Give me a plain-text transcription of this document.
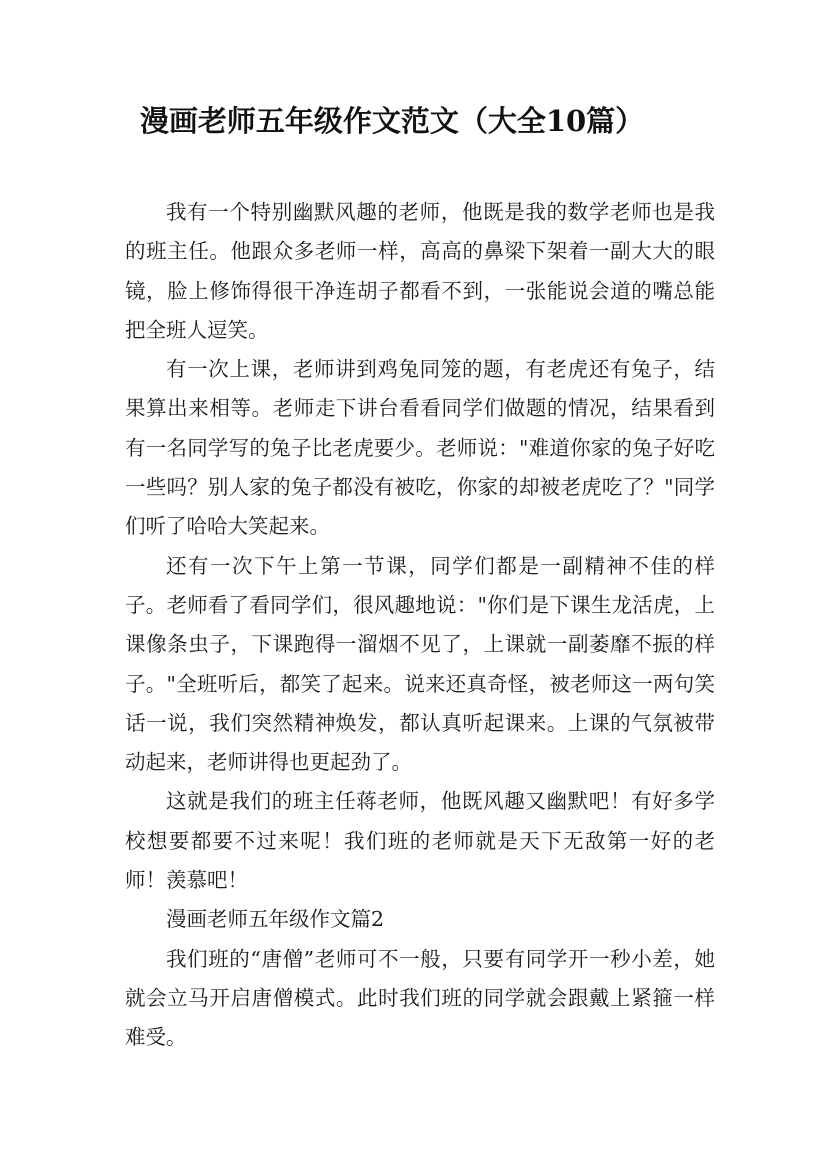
漫画老师五年级作文范文（大全10篇）

我有一个特别幽默风趣的老师，他既是我的数学老师也是我的班主任。他跟众多老师一样，高高的鼻梁下架着一副大大的眼镜，脸上修饰得很干净连胡子都看不到，一张能说会道的嘴总能把全班人逗笑。

有一次上课，老师讲到鸡兔同笼的题，有老虎还有兔子，结果算出来相等。老师走下讲台看看同学们做题的情况，结果看到有一名同学写的兔子比老虎要少。老师说："难道你家的兔子好吃一些吗？别人家的兔子都没有被吃，你家的却被老虎吃了？"同学们听了哈哈大笑起来。

还有一次下午上第一节课，同学们都是一副精神不佳的样子。老师看了看同学们，很风趣地说："你们是下课生龙活虎，上课像条虫子，下课跑得一溜烟不见了，上课就一副萎靡不振的样子。"全班听后，都笑了起来。说来还真奇怪，被老师这一两句笑话一说，我们突然精神焕发，都认真听起课来。上课的气氛被带动起来，老师讲得也更起劲了。

这就是我们的班主任蒋老师，他既风趣又幽默吧！有好多学校想要都要不过来呢！我们班的老师就是天下无敌第一好的老师！羡慕吧！

漫画老师五年级作文篇2

我们班的“唐僧”老师可不一般，只要有同学开一秒小差，她就会立马开启唐僧模式。此时我们班的同学就会跟戴上紧箍一样难受。
